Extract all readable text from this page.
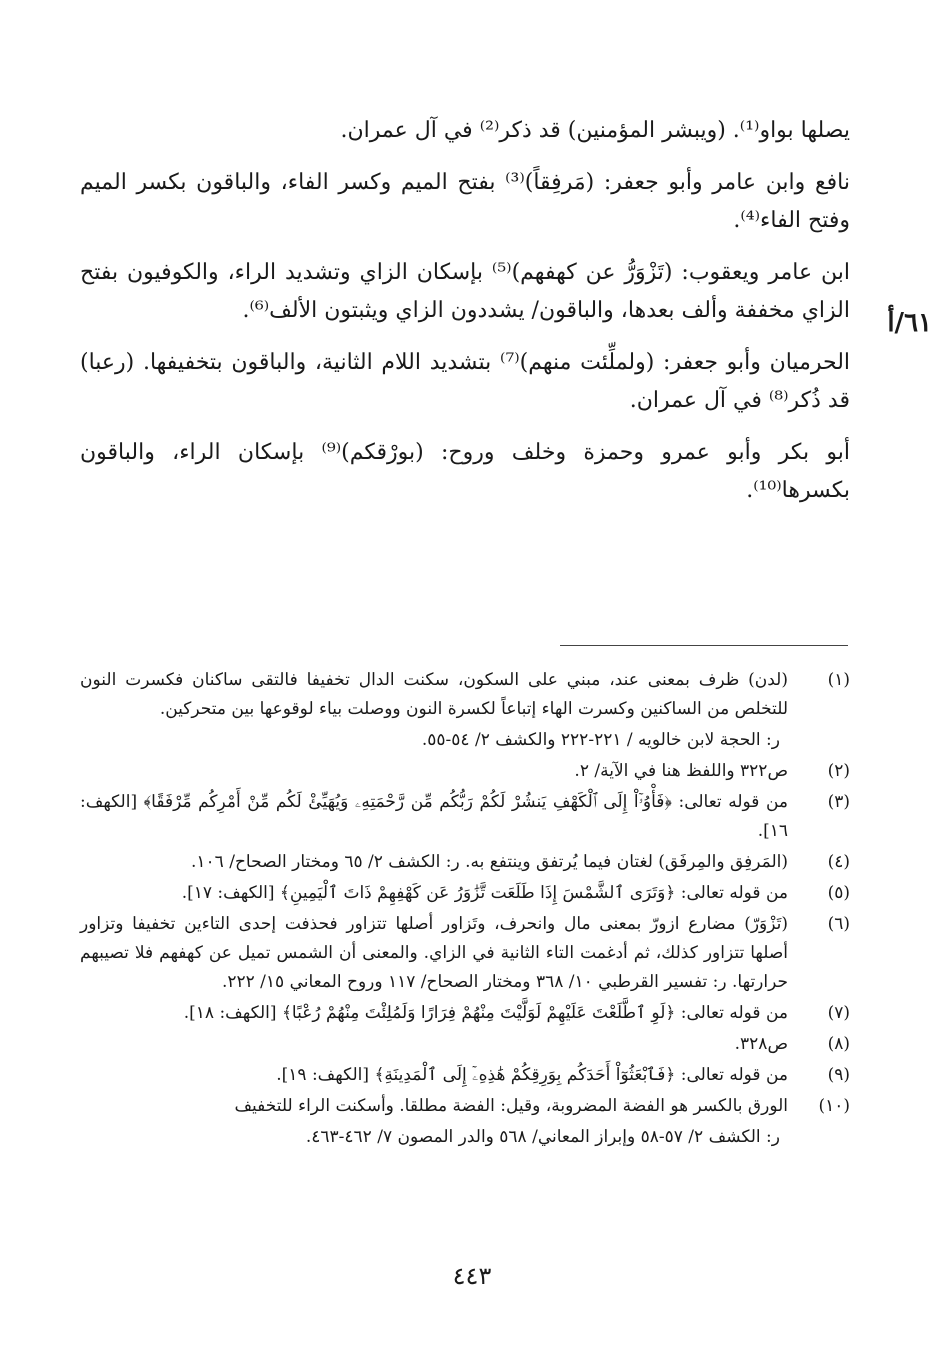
يصلها بواو⁽¹⁾. (ويبشر المؤمنين) قد ذكر⁽²⁾ في آل عمران.

نافع وابن عامر وأبو جعفر: (مَرفِقاً)⁽³⁾ بفتح الميم وكسر الفاء، والباقون بكسر الميم وفتح الفاء⁽⁴⁾.

ابن عامر ويعقوب: (تَزْوَرُّ عن كهفهم)⁽⁵⁾ بإسكان الزاي وتشديد الراء، والكوفيون بفتح الزاي مخففة وألف بعدها، والباقون/ يشددون الزاي ويثبتون الألف⁽⁶⁾.

الحرميان وأبو جعفر: (ولملِّئت منهم)⁽⁷⁾ بتشديد اللام الثانية، والباقون بتخفيفها. (رعبا) قد ذُكر⁽⁸⁾ في آل عمران.

أبو بكر وأبو عمرو وحمزة وخلف وروح: (بورْقكم)⁽⁹⁾ بإسكان الراء، والباقون بكسرها⁽¹⁰⁾.

٦١/أ
(١)
(لدن) ظرف بمعنى عند، مبني على السكون، سكنت الدال تخفيفا فالتقى ساكنان فكسرت النون للتخلص من الساكنين وكسرت الهاء إتباعاً لكسرة النون ووصلت بياء لوقوعها بين متحركين.
ر: الحجة لابن خالويه / ٢٢١-٢٢٢ والكشف ٢/ ٥٤-٥٥.
(٢)
ص٣٢٢ واللفظ هنا في الآية/ ٢.
(٣)
من قوله تعالى: ﴿فَأْوُۥٓاْ إِلَى ٱلْكَهْفِ يَنشُرْ لَكُمْ رَبُّكُم مِّن رَّحْمَتِهِۦ وَيُهَيِّئْ لَكُم مِّنْ أَمْرِكُم مِّرْفَقًا﴾ [الكهف: ١٦].
(٤)
(المَرفِق والمِرفَق) لغتان فيما يُرتفق وينتفع به. ر: الكشف ٢/ ٦٥ ومختار الصحاح/ ١٠٦.
(٥)
من قوله تعالى: ﴿وَتَرَى ٱلشَّمْسَ إِذَا طَلَعَت تَّزَٰوَرُ عَن كَهْفِهِمْ ذَاتَ ٱلْيَمِينِ﴾ [الكهف: ١٧].
(٦)
(تَزْوَرّ) مضارع ازورّ بمعنى مال وانحرف، وتَزاور أصلها تتزاور فحذفت إحدى التاءين تخفيفا وتزاور أصلها تتزاور كذلك، ثم أدغمت التاء الثانية في الزاي. والمعنى أن الشمس تميل عن كهفهم فلا تصيبهم حرارتها. ر: تفسير القرطبي ١٠/ ٣٦٨ ومختار الصحاح/ ١١٧ وروح المعاني ١٥/ ٢٢٢.
(٧)
من قوله تعالى: ﴿لَوِ ٱطَّلَعْتَ عَلَيْهِمْ لَوَلَّيْتَ مِنْهُمْ فِرَارًا وَلَمُلِئْتَ مِنْهُمْ رُعْبًا﴾ [الكهف: ١٨].
(٨)
ص٣٢٨.
(٩)
من قوله تعالى: ﴿فَٱبْعَثُوٓاْ أَحَدَكُم بِوَرِقِكُمْ هَٰذِهِۦٓ إِلَى ٱلْمَدِينَةِ﴾ [الكهف: ١٩].
(١٠)
الورق بالكسر هو الفضة المضروبة، وقيل: الفضة مطلقا. وأسكنت الراء للتخفيف
ر: الكشف ٢/ ٥٧-٥٨ وإبراز المعاني/ ٥٦٨ والدر المصون ٧/ ٤٦٢-٤٦٣.
٤٤٣
